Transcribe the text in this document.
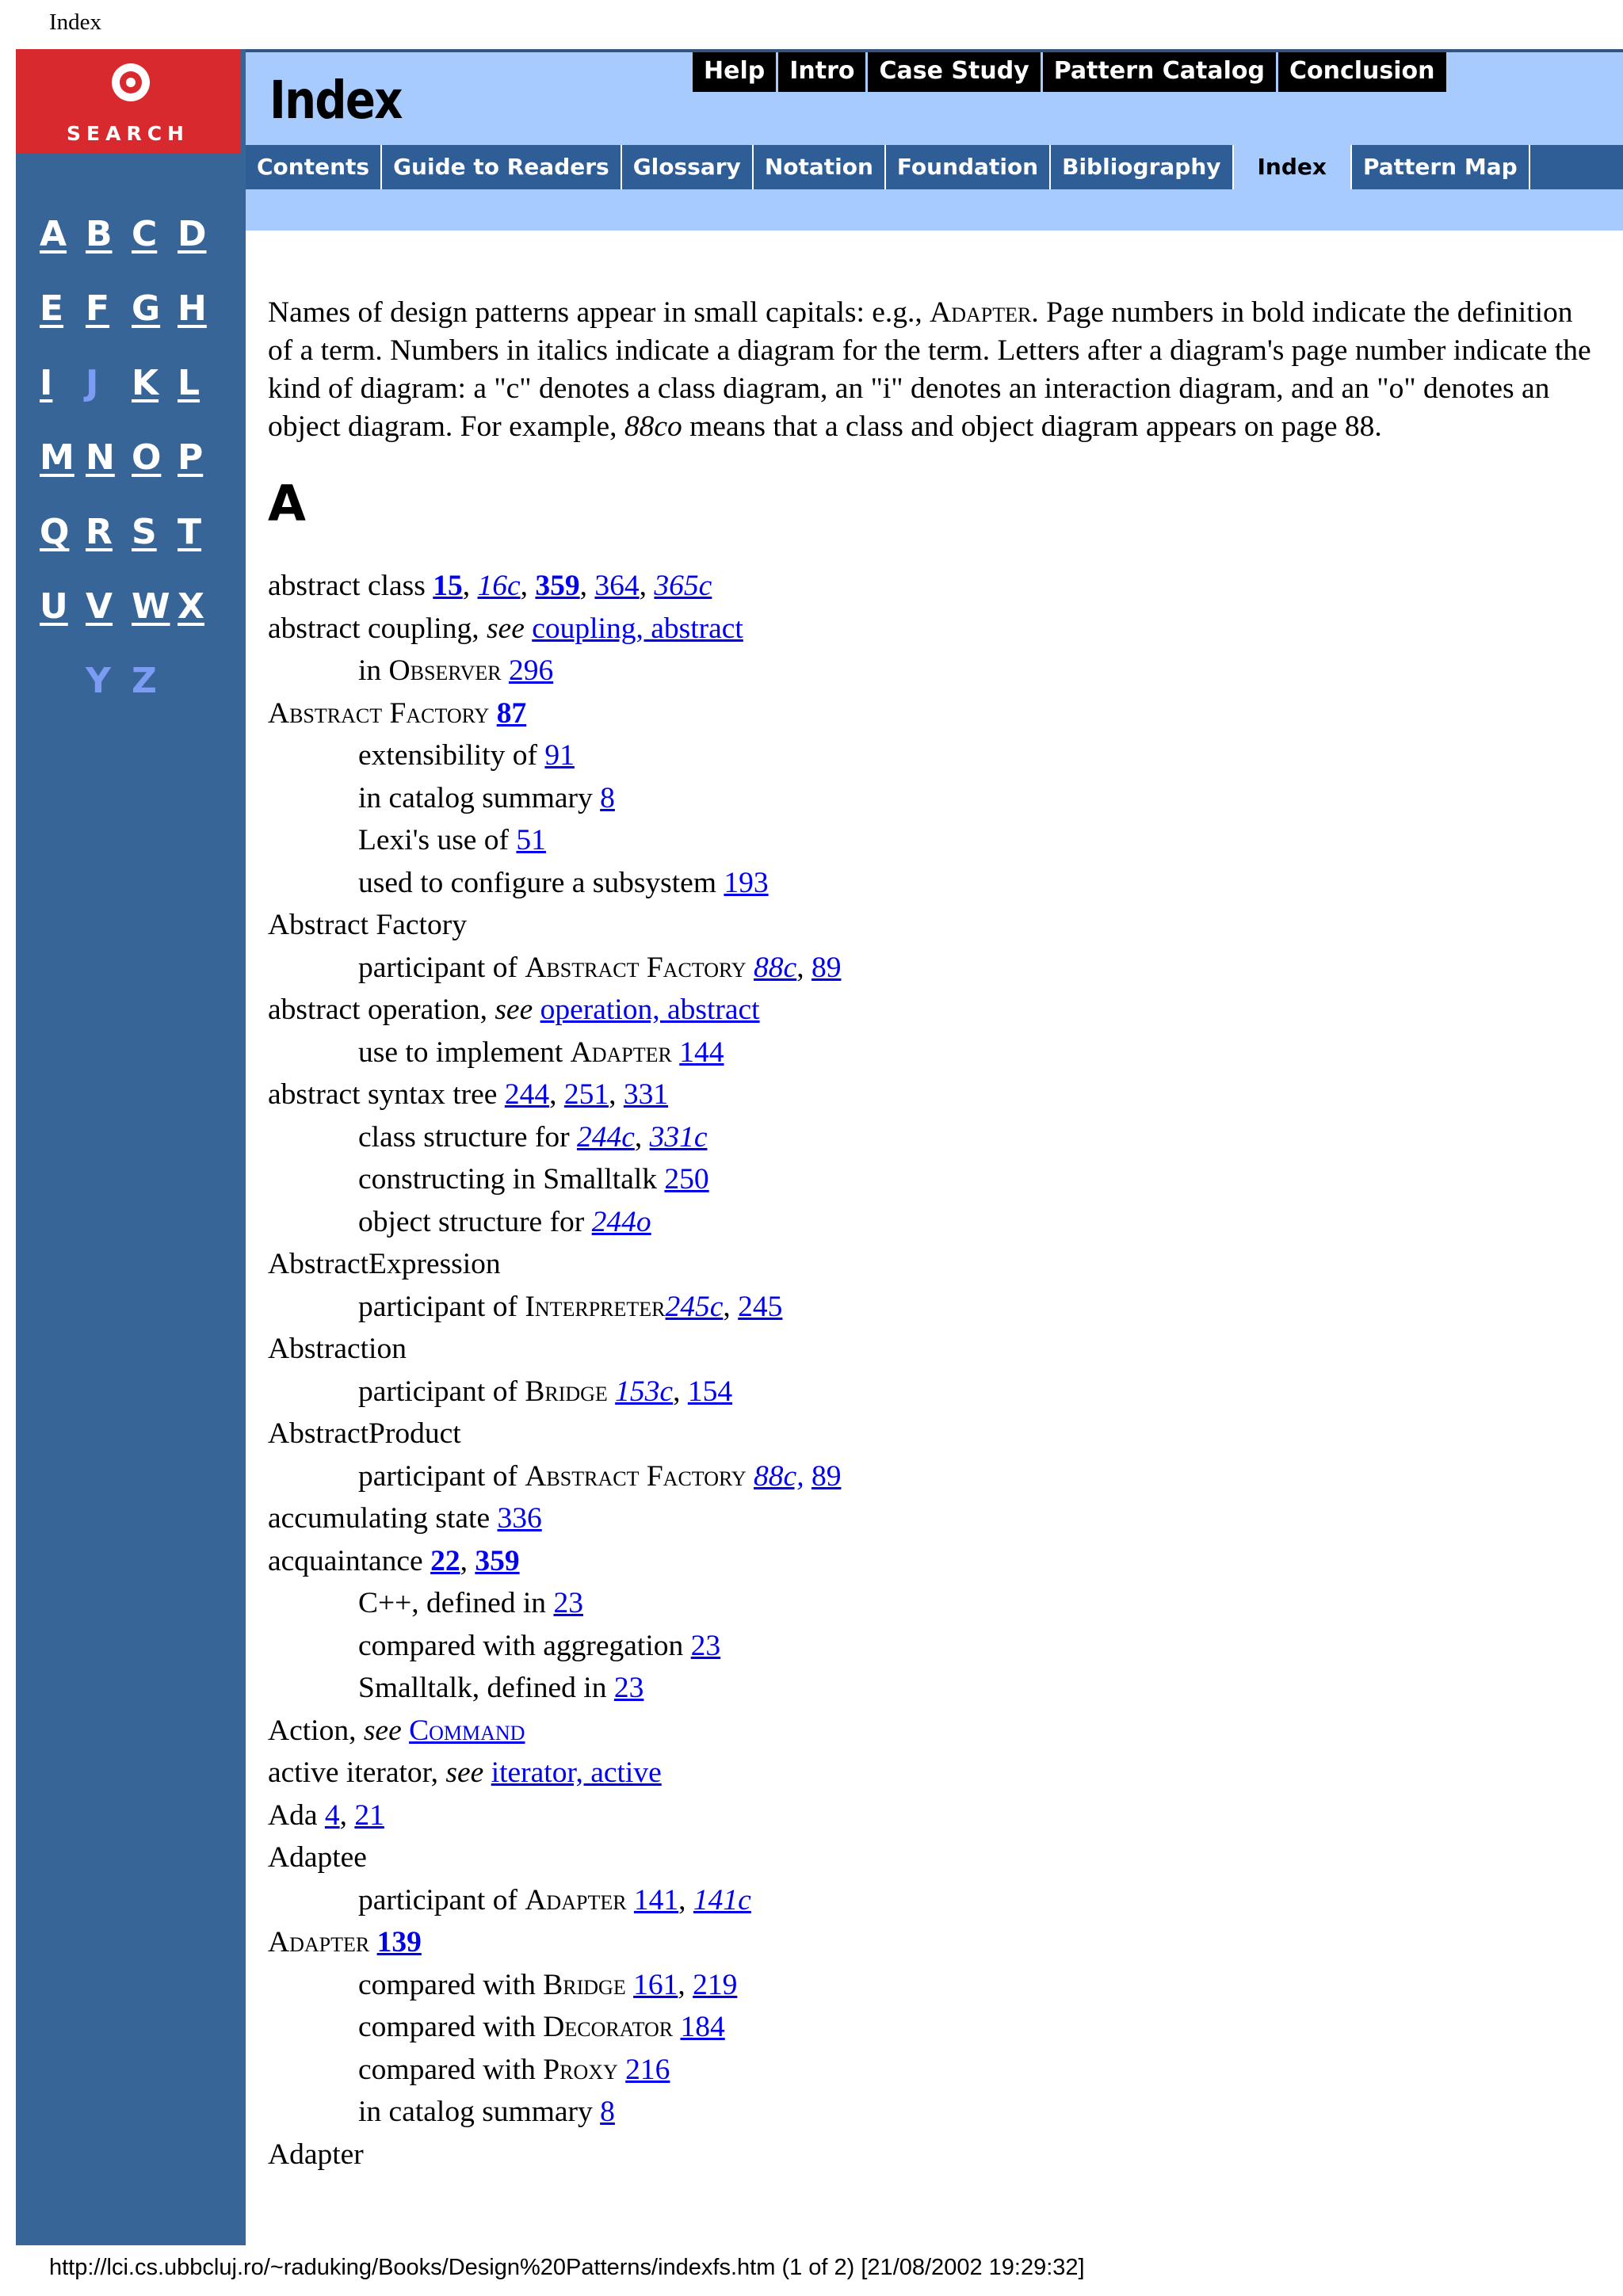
Index
SEARCH
A B C D
E F G H
I J K L
M N O P
Q R S T
U V W X
Y Z
Index	Help	Intro	Case Study	Pattern Catalog	Conclusion
Contents	Guide to Readers	Glossary	Notation	Foundation	Bibliography	Index	Pattern Map

Names of design patterns appear in small capitals: e.g., Adapter. Page numbers in bold indicate the definition of a term. Numbers in italics indicate a diagram for the term. Letters after a diagram's page number indicate the kind of diagram: a "c" denotes a class diagram, an "i" denotes an interaction diagram, and an "o" denotes an object diagram. For example, 88co means that a class and object diagram appears on page 88.

A
abstract class 15, 16c, 359, 364, 365c
abstract coupling, see coupling, abstract
in Observer 296
Abstract Factory 87
extensibility of 91
in catalog summary 8
Lexi's use of 51
used to configure a subsystem 193
Abstract Factory
participant of Abstract Factory 88c, 89
abstract operation, see operation, abstract
use to implement Adapter 144
abstract syntax tree 244, 251, 331
class structure for 244c, 331c
constructing in Smalltalk 250
object structure for 244o
AbstractExpression
participant of Interpreter245c, 245
Abstraction
participant of Bridge 153c, 154
AbstractProduct
participant of Abstract Factory 88c, 89
accumulating state 336
acquaintance 22, 359
C++, defined in 23
compared with aggregation 23
Smalltalk, defined in 23
Action, see Command
active iterator, see iterator, active
Ada 4, 21
Adaptee
participant of Adapter 141, 141c
Adapter 139
compared with Bridge 161, 219
compared with Decorator 184
compared with Proxy 216
in catalog summary 8
Adapter
http://lci.cs.ubbcluj.ro/~raduking/Books/Design%20Patterns/indexfs.htm (1 of 2) [21/08/2002 19:29:32]
